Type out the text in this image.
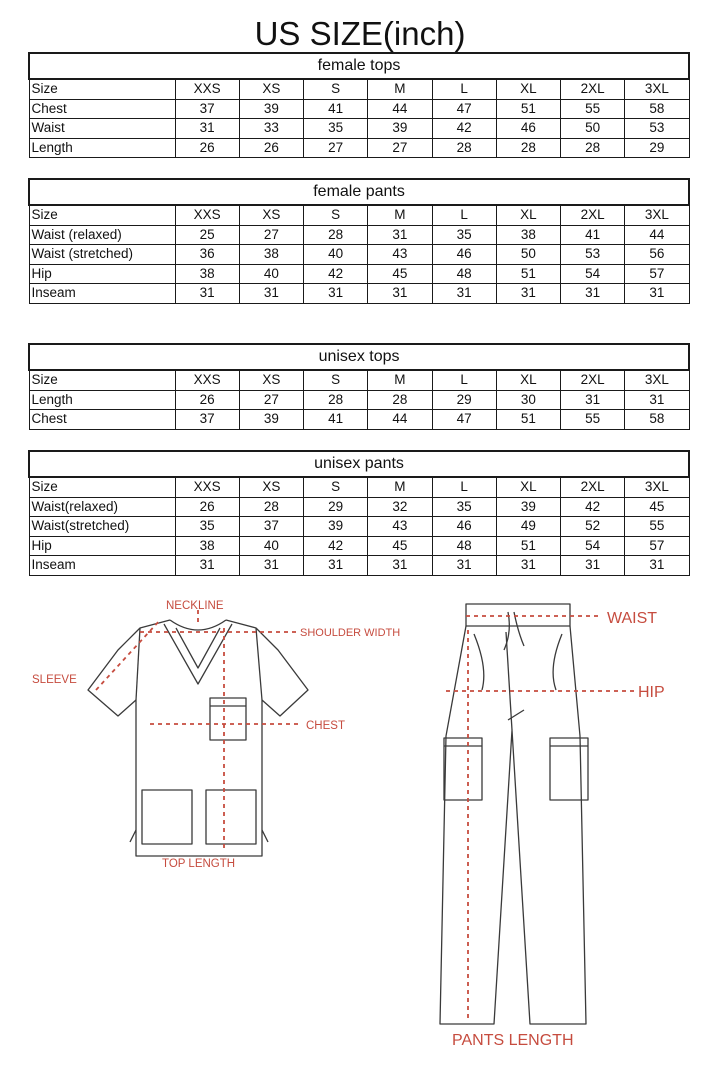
US SIZE(inch)
female tops								
Size	XXS	XS	S	M	L	XL	2XL	3XL
Chest	37	39	41	44	47	51	55	58
Waist	31	33	35	39	42	46	50	53
Length	26	26	27	27	28	28	28	29
female pants								
Size	XXS	XS	S	M	L	XL	2XL	3XL
Waist (relaxed)	25	27	28	31	35	38	41	44
Waist (stretched)	36	38	40	43	46	50	53	56
Hip	38	40	42	45	48	51	54	57
Inseam	31	31	31	31	31	31	31	31
unisex tops								
Size	XXS	XS	S	M	L	XL	2XL	3XL
Length	26	27	28	28	29	30	31	31
Chest	37	39	41	44	47	51	55	58
unisex pants								
Size	XXS	XS	S	M	L	XL	2XL	3XL
Waist(relaxed)	26	28	29	32	35	39	42	45
Waist(stretched)	35	37	39	43	46	49	52	55
Hip	38	40	42	45	48	51	54	57
Inseam	31	31	31	31	31	31	31	31
NECKLINE
SHOULDER WIDTH
SLEEVE
CHEST
TOP LENGTH
WAIST
HIP
PANTS LENGTH
